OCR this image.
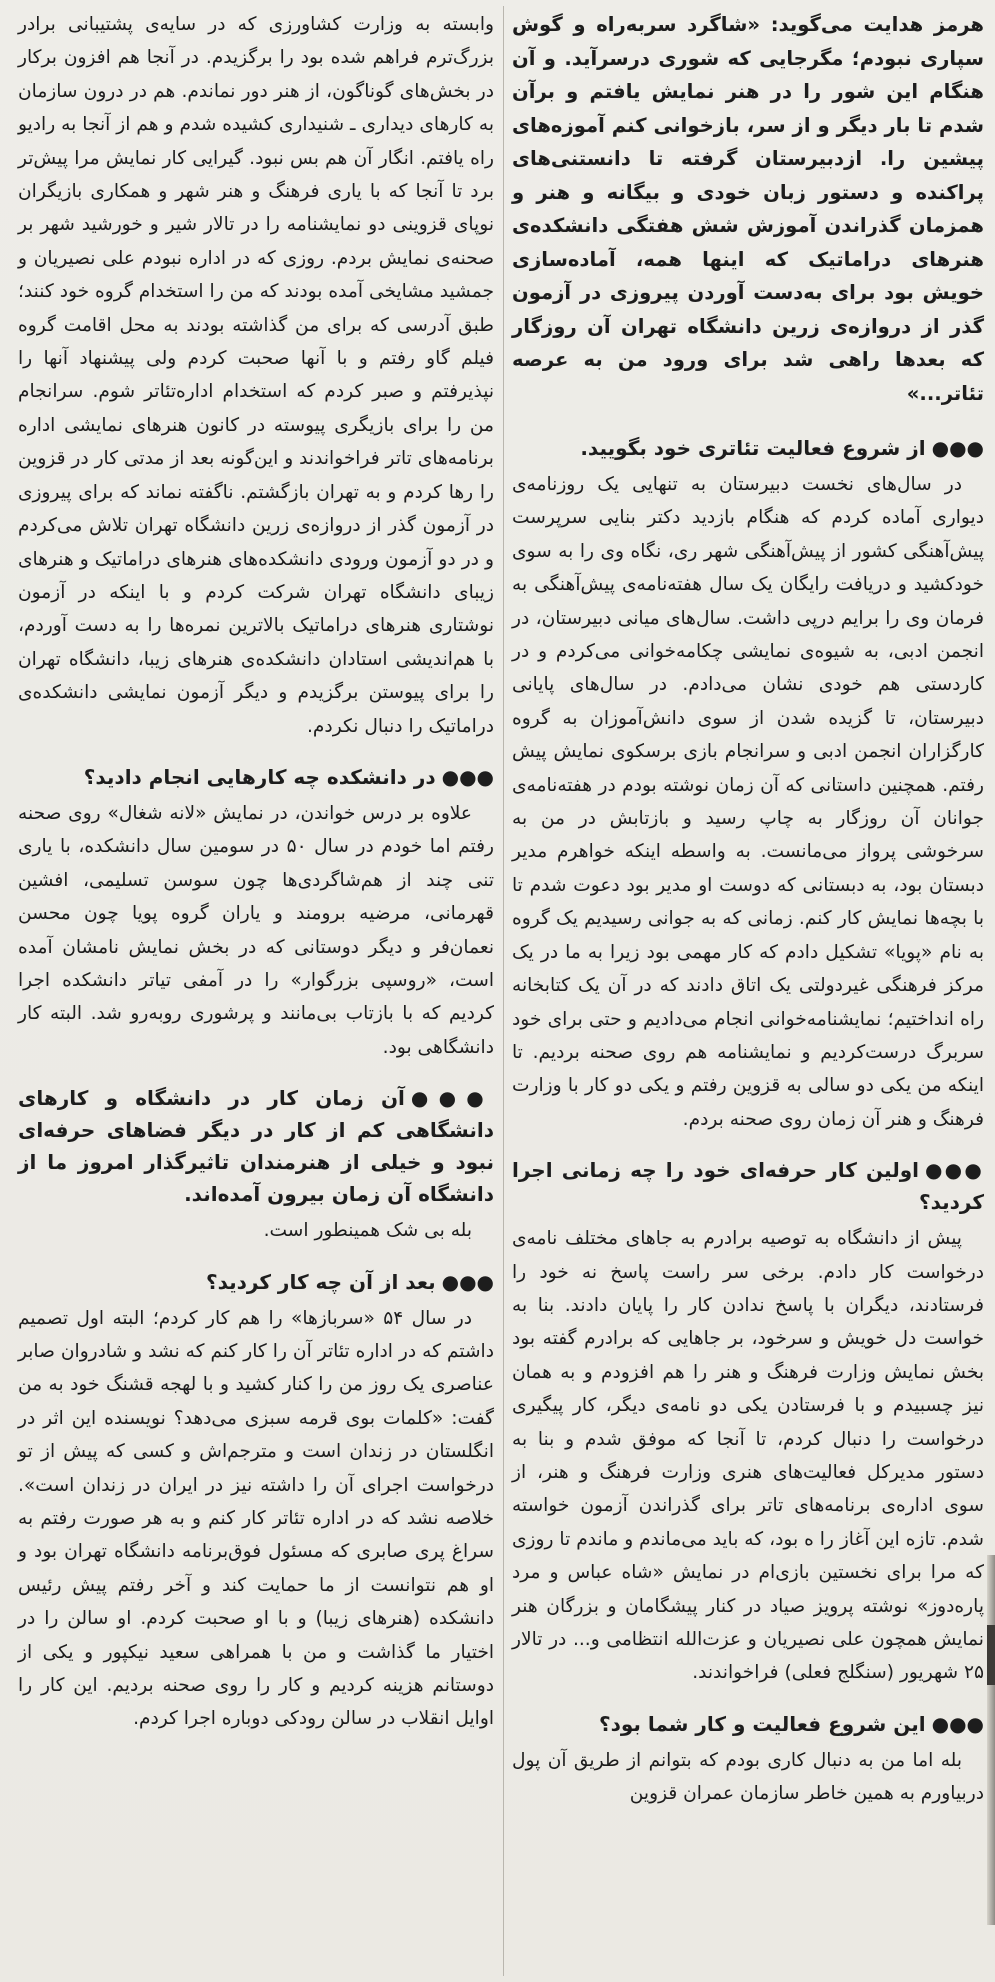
هرمز هدایت می‌گوید: «شاگرد سربه‌راه و گوش سپاری نبودم؛ مگرجایی که شوری درسرآید. و آن هنگام این شور را در هنر نمایش یافتم و برآن شدم تا بار دیگر و از سر، بازخوانی کنم آموزه‌های پیشین را. ازدبیرستان گرفته تا دانستنی‌های پراکنده و دستور زبان خودی و بیگانه و هنر و همزمان گذراندن آموزش شش هفتگی دانشکده‌ی هنرهای دراماتیک که اینها همه، آماده‌سازی خویش بود برای به‌دست آوردن پیروزی در آزمون گذر از دروازه‌ی زرین دانشگاه تهران آن روزگار که بعدها راهی شد برای ورود من به عرصه تئاتر...»

●●●از شروع فعالیت تئاتری خود بگویید.

در سال‌های نخست دبیرستان به تنهایی یک روزنامه‌ی دیواری آماده کردم که هنگام بازدید دکتر بنایی سرپرست پیش‌آهنگی کشور از پیش‌آهنگی شهر ری، نگاه وی را به سوی خودکشید و دریافت رایگان یک سال هفته‌نامه‌ی پیش‌آهنگی به فرمان وی را برایم درپی داشت. سال‌های میانی دبیرستان، در انجمن ادبی، به شیوه‌ی نمایشی چکامه‌خوانی می‌کردم و در کاردستی هم خودی نشان می‌دادم. در سال‌های پایانی دبیرستان، تا گزیده شدن از سوی دانش‌آموزان به گروه کارگزاران انجمن ادبی و سرانجام بازی برسکوی نمایش پیش رفتم. همچنین داستانی که آن زمان نوشته بودم در هفته‌نامه‌ی جوانان آن روزگار به چاپ رسید و بازتابش در من به سرخوشی پرواز می‌مانست. به واسطه اینکه خواهرم مدیر دبستان بود، به دبستانی که دوست او مدیر بود دعوت شدم تا با بچه‌ها نمایش کار کنم. زمانی که به جوانی رسیدیم یک گروه به نام «پویا» تشکیل دادم که کار مهمی بود زیرا به ما در یک مرکز فرهنگی غیردولتی یک اتاق دادند که در آن یک کتابخانه راه انداختیم؛ نمایشنامه‌خوانی انجام می‌دادیم و حتی برای خود سربرگ درست‌کردیم و نمایشنامه هم روی صحنه بردیم. تا اینکه من یکی دو سالی به قزوین رفتم و یکی دو کار با وزارت فرهنگ و هنر آن زمان روی صحنه بردم.

●●●اولین کار حرفه‌ای خود را چه زمانی اجرا کردید؟

پیش از دانشگاه به توصیه برادرم به جاهای مختلف نامه‌ی درخواست کار دادم. برخی سر راست پاسخ نه خود را فرستادند، دیگران با پاسخ ندادن کار را پایان دادند. بنا به خواست دل خویش و سرخود، بر جاهایی که برادرم گفته بود بخش نمایش وزارت فرهنگ و هنر را هم افزودم و به همان نیز چسبیدم و با فرستادن یکی دو نامه‌ی دیگر، کار پیگیری درخواست را دنبال کردم، تا آنجا که موفق شدم و بنا به دستور مدیرکل فعالیت‌های هنری وزارت فرهنگ و هنر، از سوی اداره‌ی برنامه‌های تاتر برای گذراندن آزمون خواسته شدم. تازه این آغاز را ه بود، که باید می‌ماندم و ماندم تا روزی که مرا برای نخستین بازی‌ام در نمایش «شاه عباس و مرد پاره‌دوز» نوشته پرویز صیاد در کنار پیشگامان و بزرگان هنر نمایش همچون علی نصیریان و عزت‌الله انتظامی و... در تالار ۲۵ شهریور (سنگلج فعلی) فراخواندند.

●●●این شروع فعالیت و کار شما بود؟

بله اما من به دنبال کاری بودم که بتوانم از طریق آن پول دربیاورم به همین خاطر سازمان عمران قزوین

وابسته به وزارت کشاورزی که در سایه‌ی پشتیبانی برادر بزرگ‌ترم فراهم شده بود را برگزیدم. در آنجا هم افزون برکار در بخش‌های گوناگون، از هنر دور نماندم. هم در درون سازمان به کارهای دیداری ـ شنیداری کشیده شدم و هم از آنجا به رادیو راه یافتم. انگار آن هم بس نبود. گیرایی کار نمایش مرا پیش‌تر برد تا آنجا که با یاری فرهنگ و هنر شهر و همکاری بازیگران نوپای قزوینی دو نمایشنامه را در تالار شیر و خورشید شهر بر صحنه‌ی نمایش بردم. روزی که در اداره نبودم علی نصیریان و جمشید مشایخی آمده بودند که من را استخدام گروه خود کنند؛ طبق آدرسی که برای من گذاشته بودند به محل اقامت گروه فیلم گاو رفتم و با آنها صحبت کردم ولی پیشنهاد آنها را نپذیرفتم و صبر کردم که استخدام اداره‌تئاتر شوم. سرانجام من را برای بازیگری پیوسته در کانون هنرهای نمایشی اداره برنامه‌های تاتر فراخواندند و این‌گونه بعد از مدتی کار در قزوین را رها کردم و به تهران بازگشتم. ناگفته نماند که برای پیروزی در آزمون گذر از دروازه‌ی زرین دانشگاه تهران تلاش می‌کردم و در دو آزمون ورودی دانشکده‌های هنرهای دراماتیک و هنرهای زیبای دانشگاه تهران شرکت کردم و با اینکه در آزمون نوشتاری هنرهای دراماتیک بالاترین نمره‌ها را به دست آوردم، با هم‌اندیشی استادان دانشکده‌ی هنرهای زیبا، دانشگاه تهران را برای پیوستن برگزیدم و دیگر آزمون نمایشی دانشکده‌ی دراماتیک را دنبال نکردم.

●●●در دانشکده چه کارهایی انجام دادید؟

علاوه بر درس خواندن، در نمایش «لانه شغال» روی صحنه رفتم اما خودم در سال ۵۰ در سومین سال دانشکده، با یاری تنی چند از هم‌شاگردی‌ها چون سوسن تسلیمی، افشین قهرمانی، مرضیه برومند و یاران گروه پویا چون محسن نعمان‌فر و دیگر دوستانی که در بخش نمایش نامشان آمده است، «روسپی بزرگوار» را در آمفی تیاتر دانشکده اجرا کردیم که با بازتاب بی‌مانند و پرشوری روبه‌رو شد. البته کار دانشگاهی بود.

●●●آن زمان کار در دانشگاه و کارهای دانشگاهی کم از کار در دیگر فضاهای حرفه‌ای نبود و خیلی از هنرمندان تاثیرگذار امروز ما از دانشگاه آن زمان بیرون آمده‌اند.

بله بی شک همینطور است.

●●●بعد از آن چه کار کردید؟

در سال ۵۴ «سربازها» را هم کار کردم؛ البته اول تصمیم داشتم که در اداره تئاتر آن را کار کنم که نشد و شادروان صابر عناصری یک روز من را کنار کشید و با لهجه قشنگ خود به من گفت: «کلمات بوی قرمه سبزی می‌دهد؟ نویسنده این اثر در انگلستان در زندان است و مترجم‌اش و کسی که پیش از تو درخواست اجرای آن را داشته نیز در ایران در زندان است». خلاصه نشد که در اداره تئاتر کار کنم و به هر صورت رفتم به سراغ پری صابری که مسئول فوق‌برنامه دانشگاه تهران بود و او هم نتوانست از ما حمایت کند و آخر رفتم پیش رئیس دانشکده (هنرهای زیبا) و با او صحبت کردم. او سالن را در اختیار ما گذاشت و من با همراهی سعید نیکپور و یکی از دوستانم هزینه کردیم و کار را روی صحنه بردیم. این کار را اوایل انقلاب در سالن رودکی دوباره اجرا کردم.
